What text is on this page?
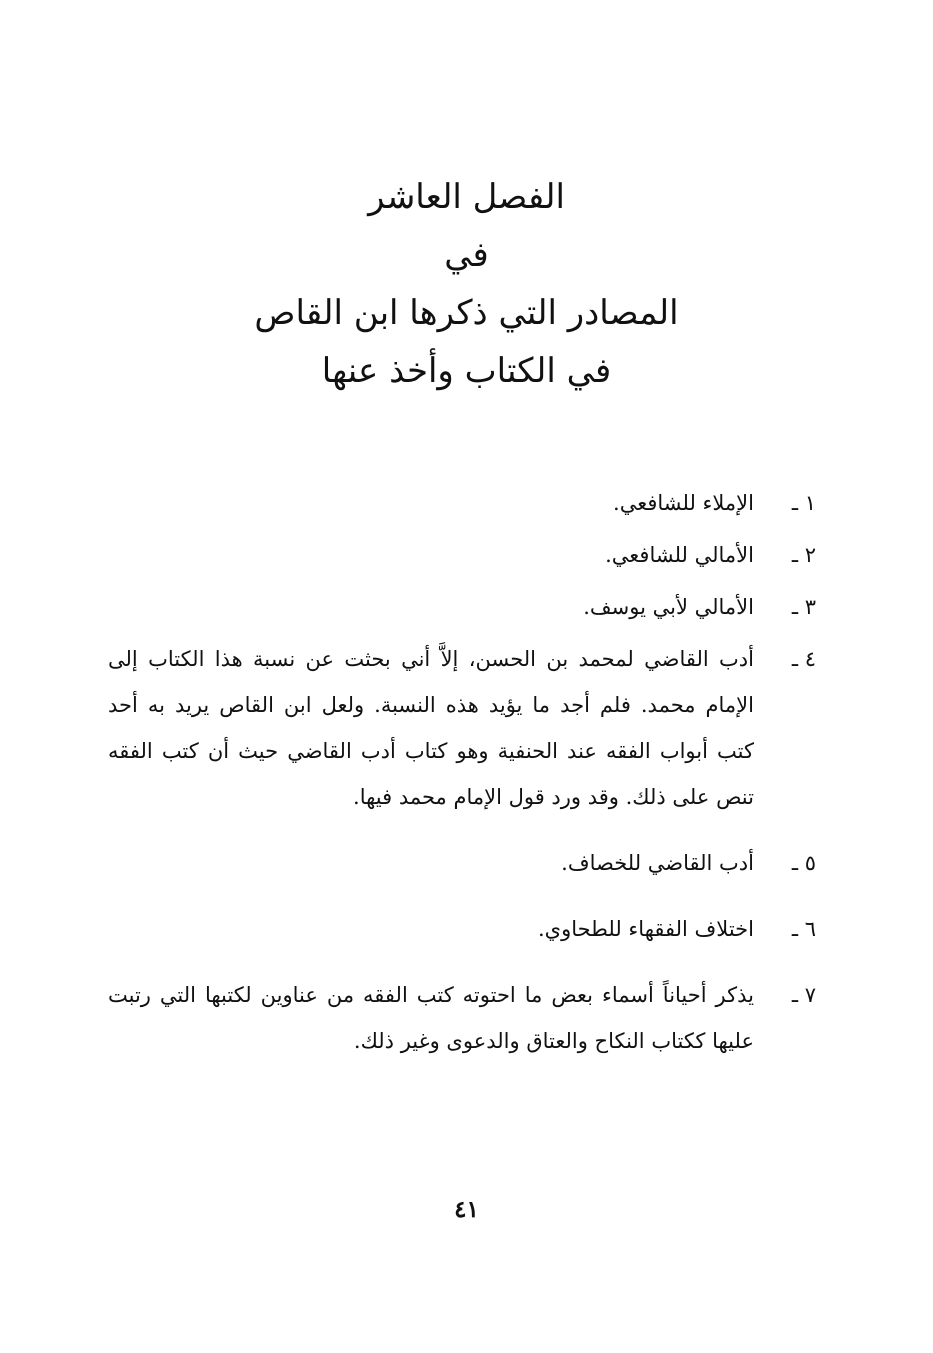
الفصل العاشر
في
المصادر التي ذكرها ابن القاص
في الكتاب وأخذ عنها
١ ـ
الإملاء للشافعي.
٢ ـ
الأمالي للشافعي.
٣ ـ
الأمالي لأبي يوسف.
٤ ـ
أدب القاضي لمحمد بن الحسن، إلاَّ أني بحثت عن نسبة هذا الكتاب إلى الإمام محمد. فلم أجد ما يؤيد هذه النسبة. ولعل ابن القاص يريد به أحد كتب أبواب الفقه عند الحنفية وهو كتاب أدب القاضي حيث أن كتب الفقه تنص على ذلك. وقد ورد قول الإمام محمد فيها.
٥ ـ
أدب القاضي للخصاف.
٦ ـ
اختلاف الفقهاء للطحاوي.
٧ ـ
يذكر أحياناً أسماء بعض ما احتوته كتب الفقه من عناوين لكتبها التي رتبت عليها ككتاب النكاح والعتاق والدعوى وغير ذلك.
٤١
